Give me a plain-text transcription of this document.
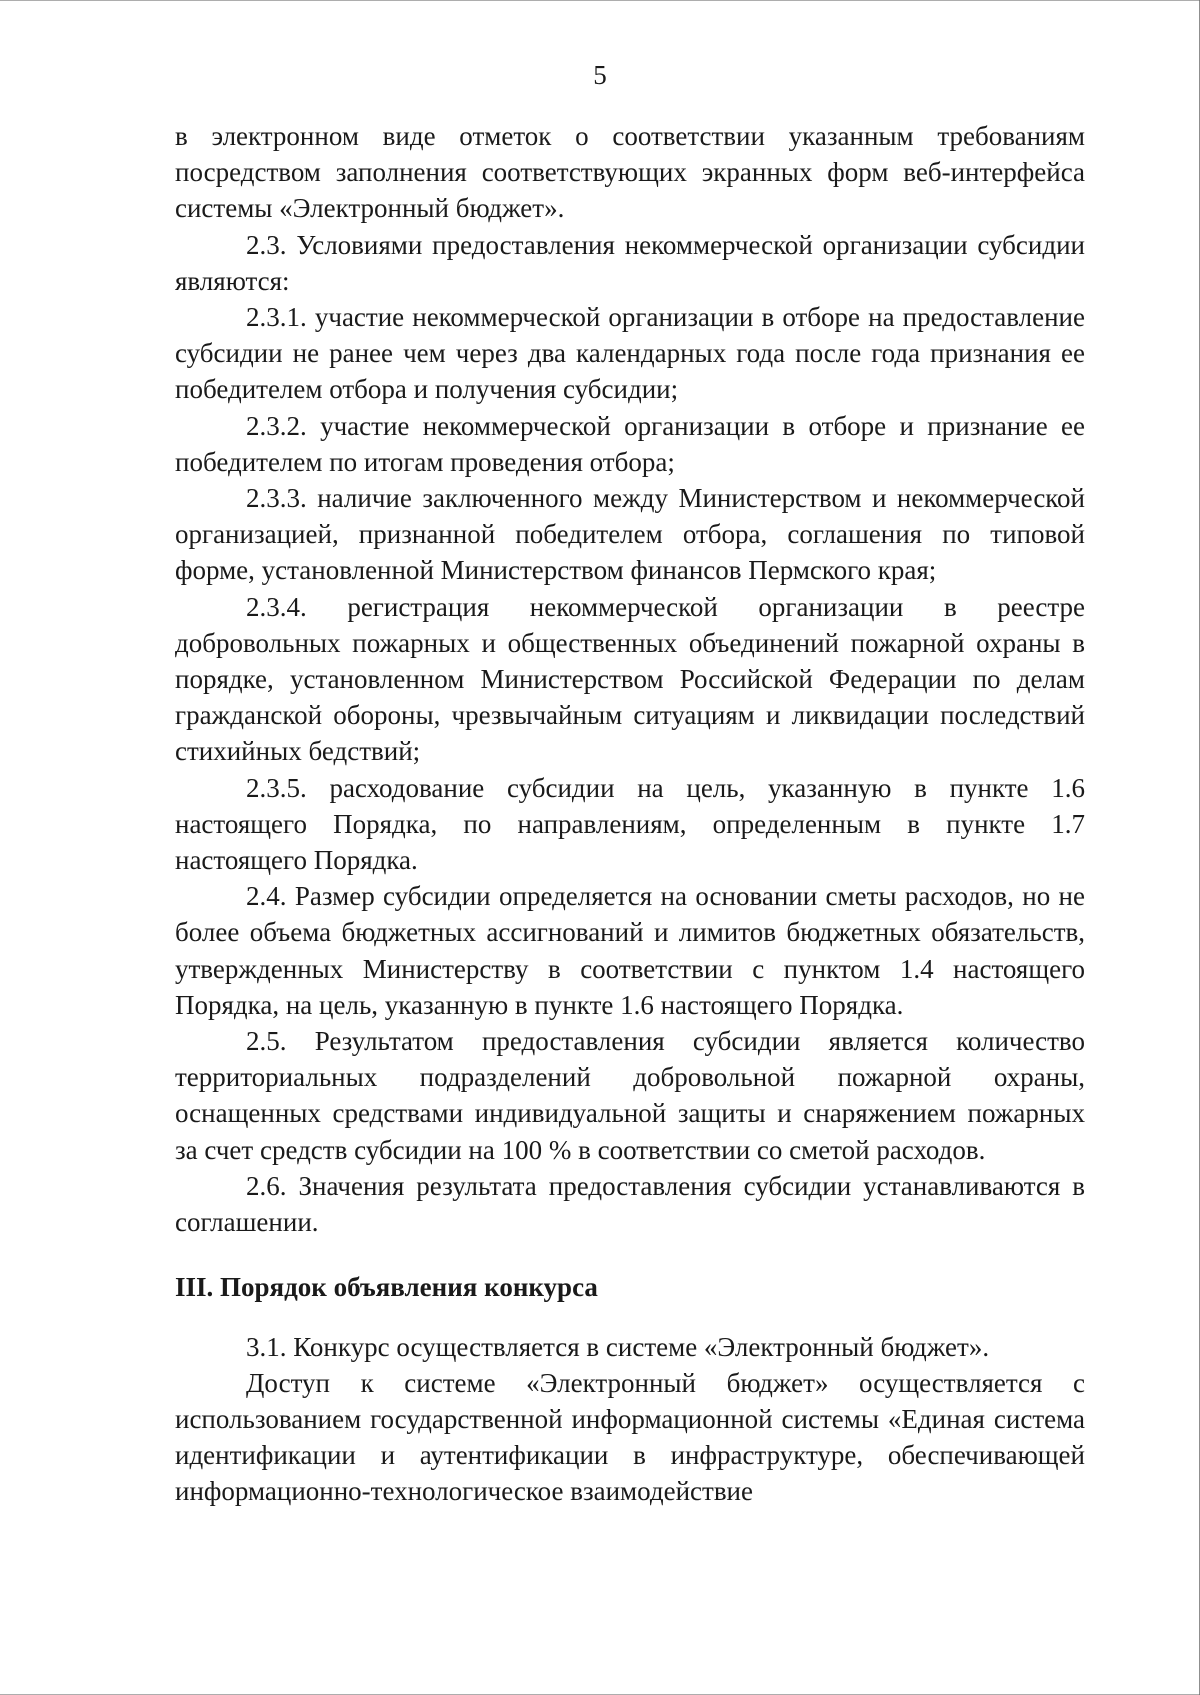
5

в электронном виде отметок о соответствии указанным требованиям посредством заполнения соответствующих экранных форм веб-интерфейса системы «Электронный бюджет».

2.3. Условиями предоставления некоммерческой организации субсидии являются:

2.3.1. участие некоммерческой организации в отборе на предоставление субсидии не ранее чем через два календарных года после года признания ее победителем отбора и получения субсидии;

2.3.2. участие некоммерческой организации в отборе и признание ее победителем по итогам проведения отбора;

2.3.3. наличие заключенного между Министерством и некоммерческой организацией, признанной победителем отбора, соглашения по типовой форме, установленной Министерством финансов Пермского края;

2.3.4. регистрация некоммерческой организации в реестре добровольных пожарных и общественных объединений пожарной охраны в порядке, установленном Министерством Российской Федерации по делам гражданской обороны, чрезвычайным ситуациям и ликвидации последствий стихийных бедствий;

2.3.5. расходование субсидии на цель, указанную в пункте 1.6 настоящего Порядка, по направлениям, определенным в пункте 1.7 настоящего Порядка.

2.4. Размер субсидии определяется на основании сметы расходов, но не более объема бюджетных ассигнований и лимитов бюджетных обязательств, утвержденных Министерству в соответствии с пунктом 1.4 настоящего Порядка, на цель, указанную в пункте 1.6 настоящего Порядка.

2.5. Результатом предоставления субсидии является количество территориальных подразделений добровольной пожарной охраны, оснащенных средствами индивидуальной защиты и снаряжением пожарных за счет средств субсидии на 100 % в соответствии со сметой расходов.

2.6. Значения результата предоставления субсидии устанавливаются в соглашении.

III. Порядок объявления конкурса

3.1. Конкурс осуществляется в системе «Электронный бюджет».

Доступ к системе «Электронный бюджет» осуществляется с использованием государственной информационной системы «Единая система идентификации и аутентификации в инфраструктуре, обеспечивающей информационно-технологическое взаимодействие
